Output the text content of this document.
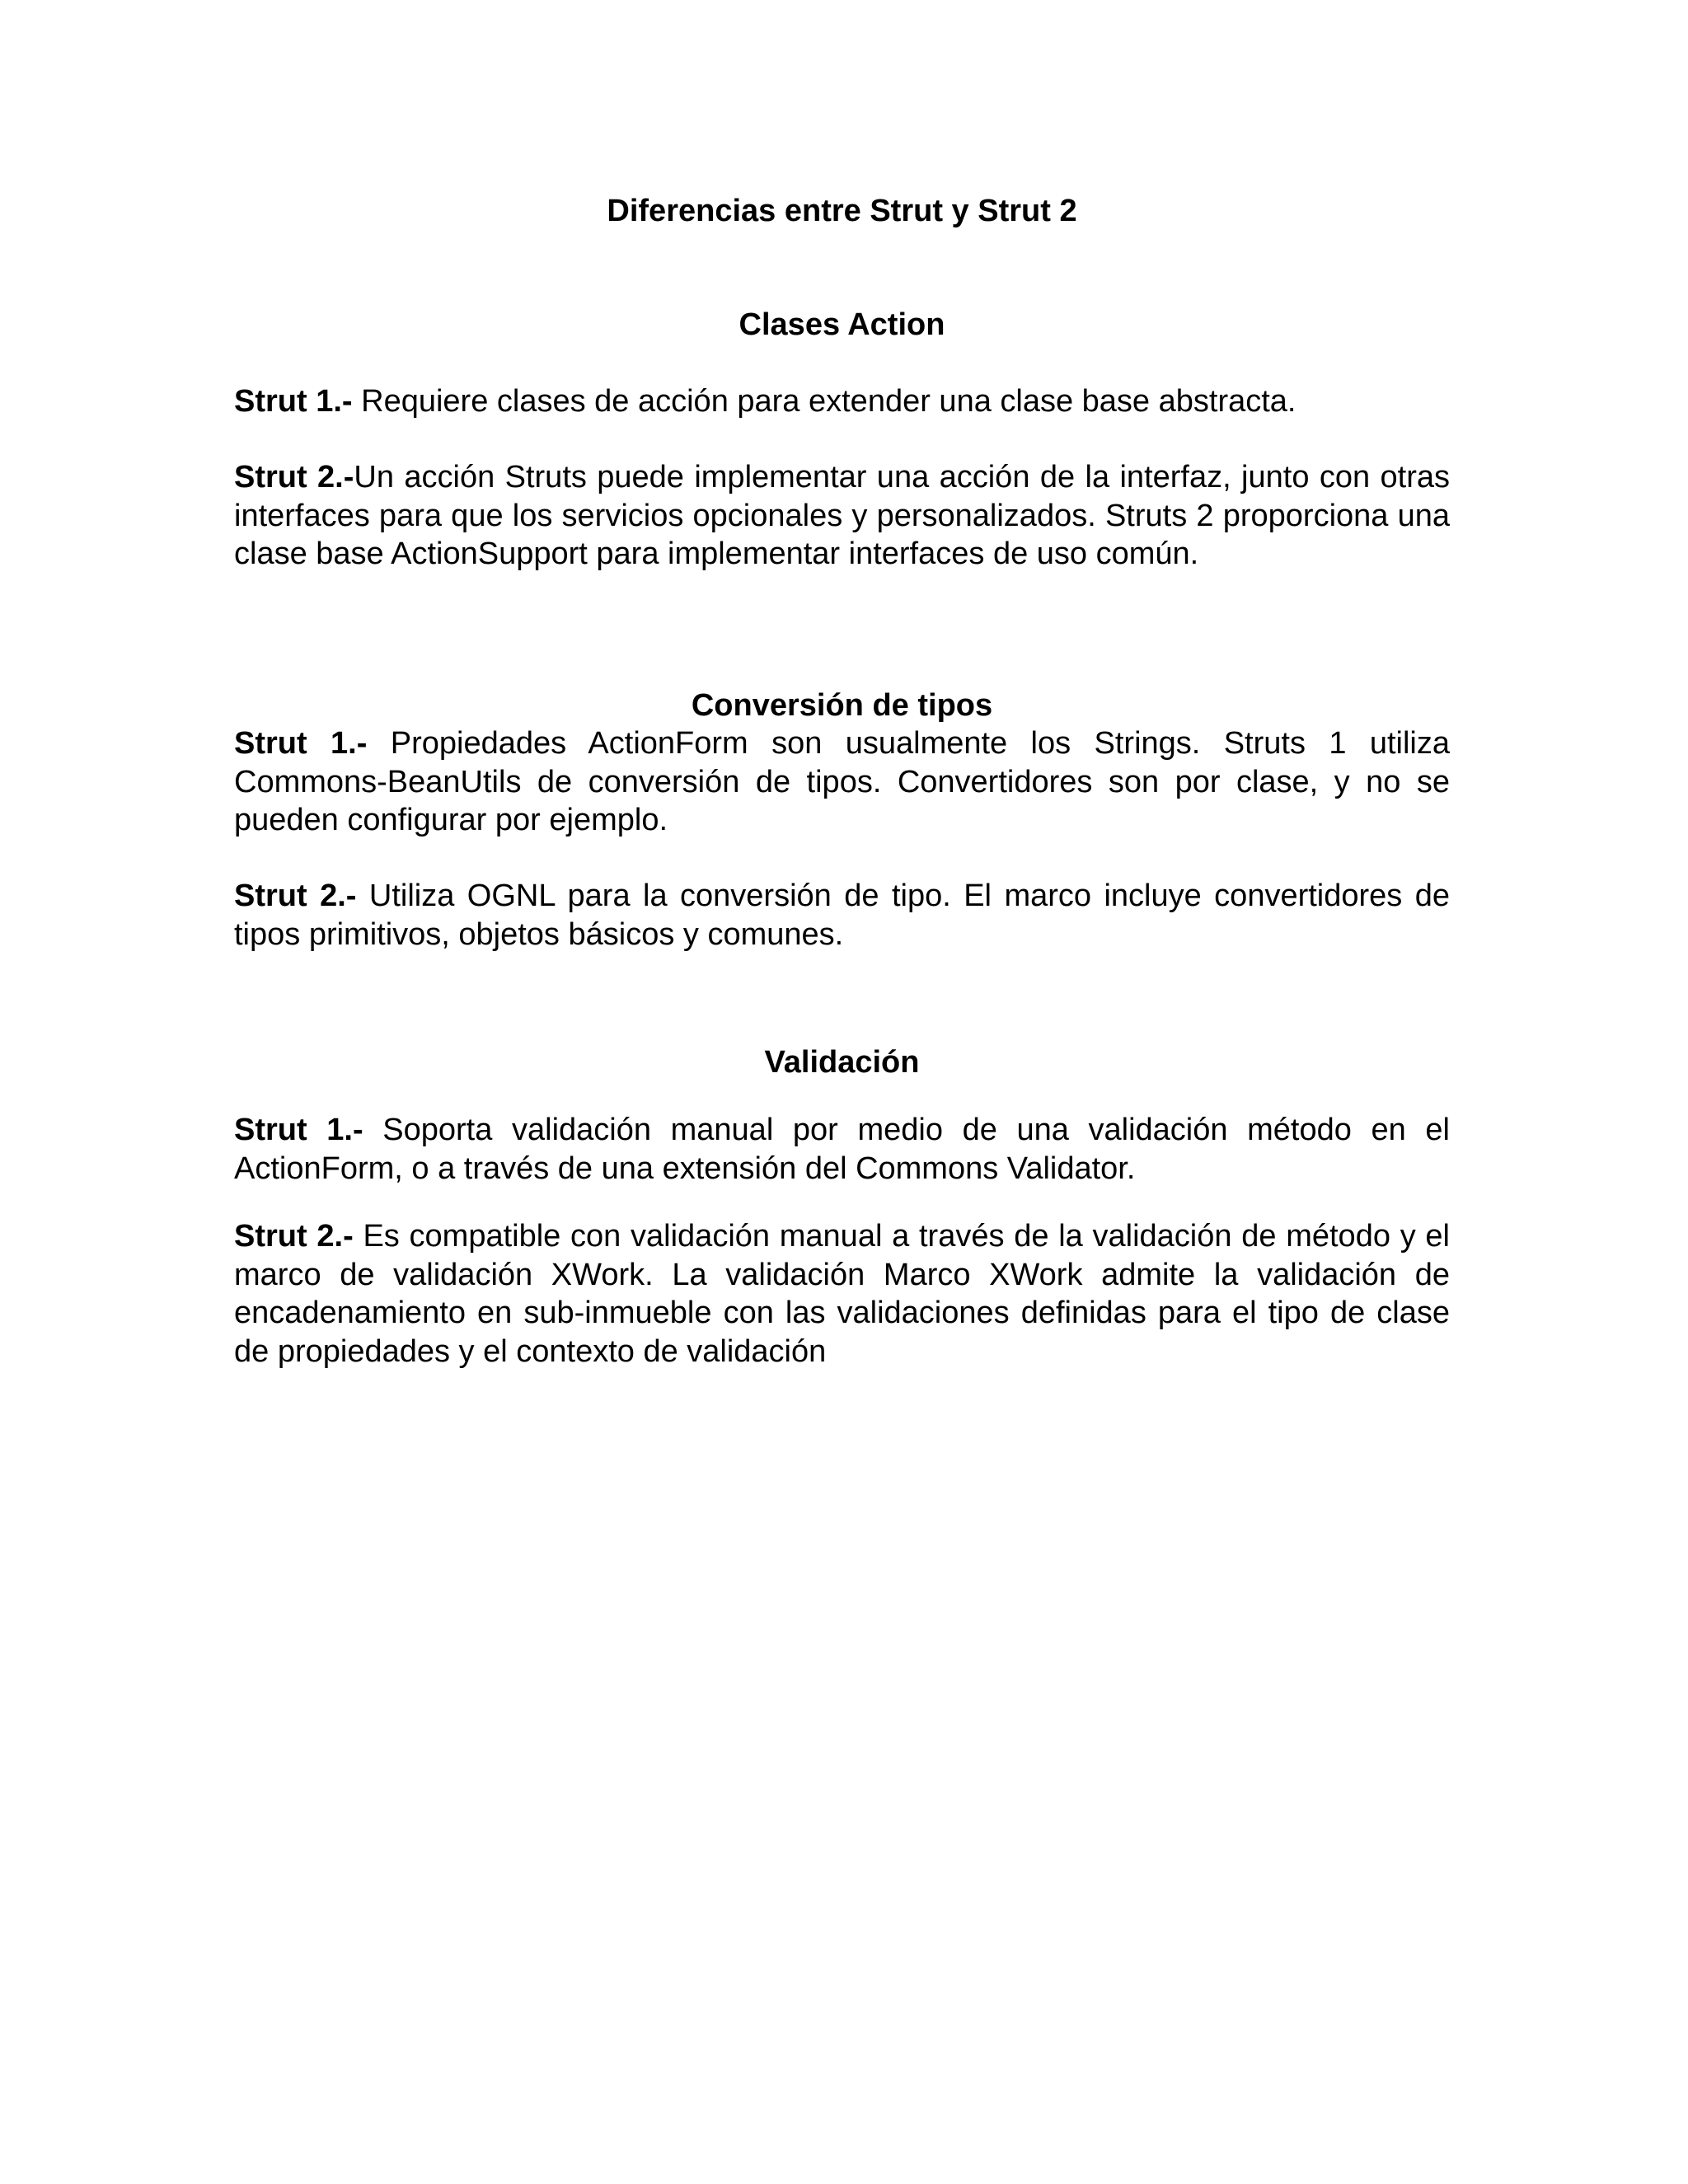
Diferencias entre Strut y Strut 2
Clases Action

Strut 1.- Requiere clases de acción para extender una clase base abstracta.

Strut 2.-Un acción Struts puede implementar una acción de la interfaz, junto con otras interfaces para que los servicios opcionales y personalizados. Struts 2 proporciona una clase base ActionSupport para implementar interfaces de uso común.

Conversión de tipos

Strut 1.- Propiedades ActionForm son usualmente los Strings. Struts 1 utiliza Commons-BeanUtils de conversión de tipos. Convertidores son por clase, y no se pueden configurar por ejemplo.

Strut 2.- Utiliza OGNL para la conversión de tipo. El marco incluye convertidores de tipos primitivos, objetos básicos y comunes.

Validación

Strut 1.- Soporta validación manual por medio de una validación método en el ActionForm, o a través de una extensión del Commons Validator.

Strut 2.- Es compatible con validación manual a través de la validación de método y el marco de validación XWork. La validación Marco XWork admite la validación de encadenamiento en sub-inmueble con las validaciones definidas para el tipo de clase de propiedades y el contexto de validación
